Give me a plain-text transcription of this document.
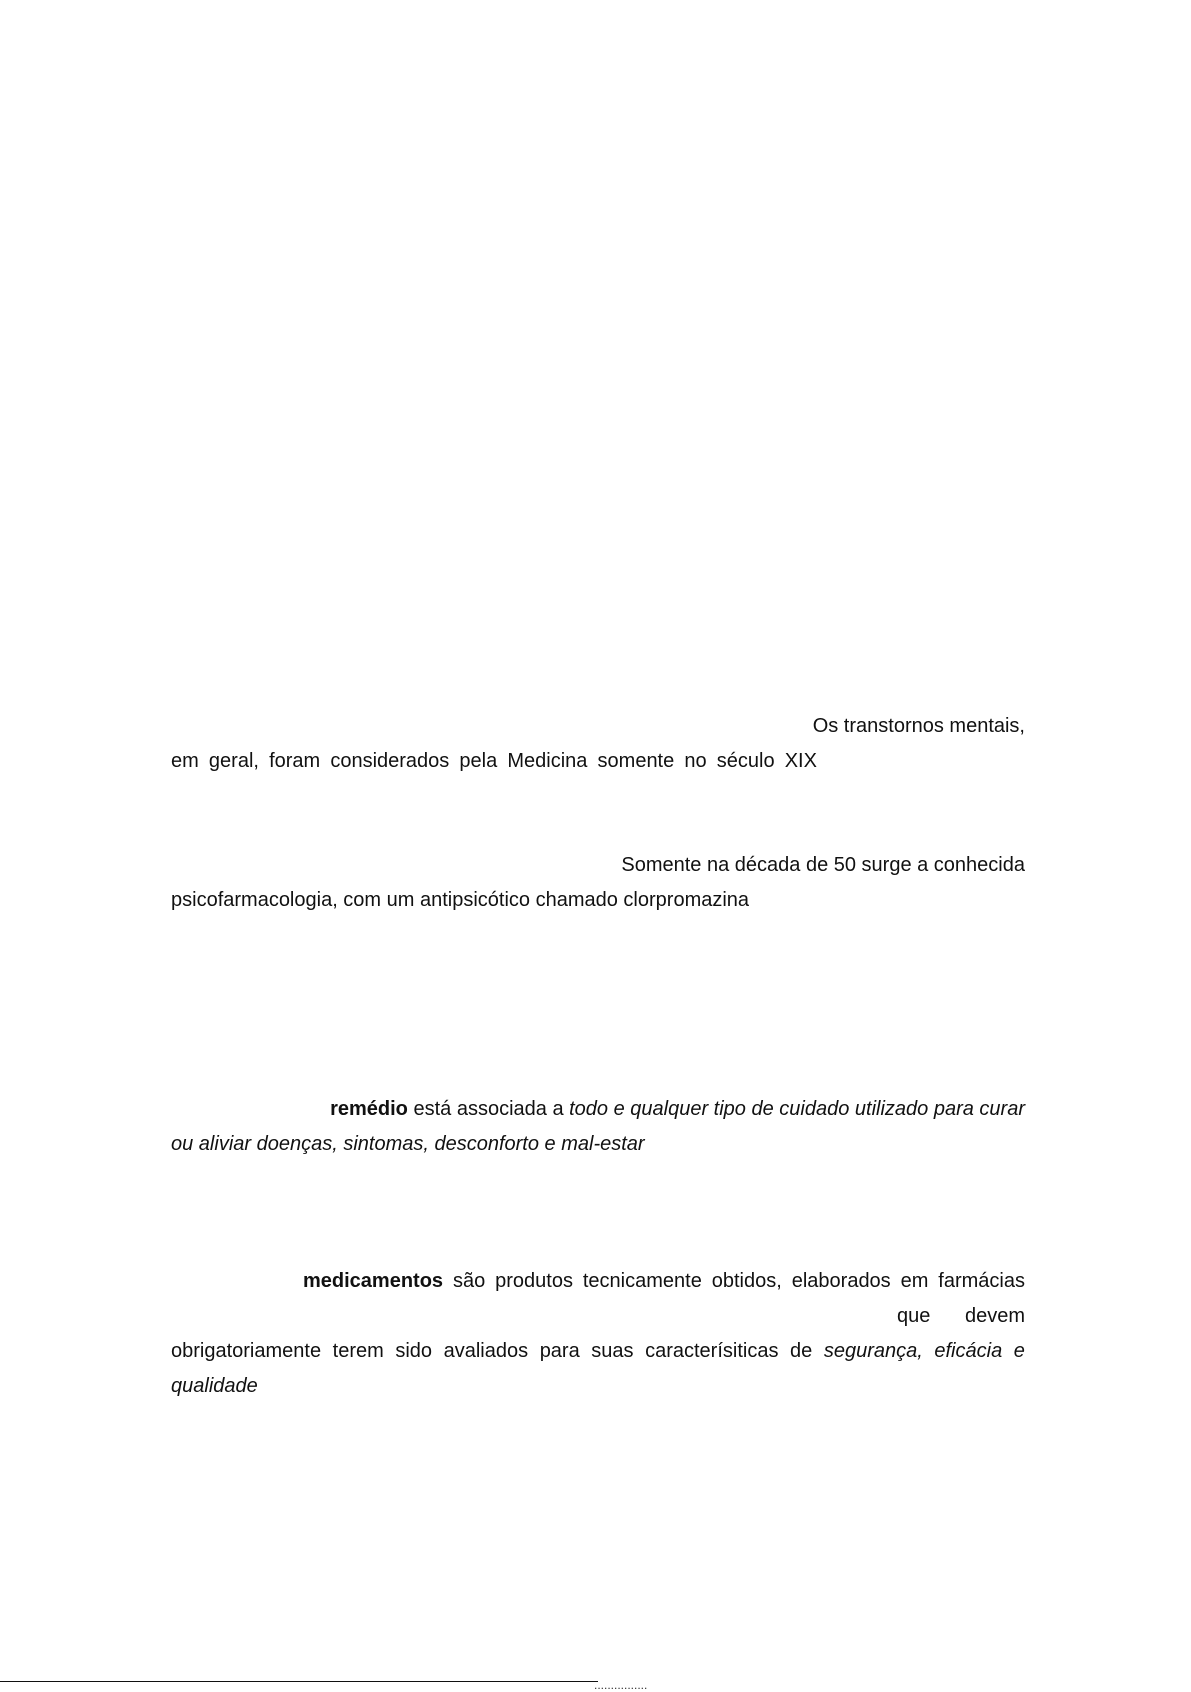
Os transtornos mentais,
em geral, foram considerados pela Medicina somente no século XIX
Somente na década de 50 surge a conhecida
psicofarmacologia, com um antipsicótico chamado clorpromazina
remédio está associada a todo e qualquer tipo de cuidado utilizado para curar
ou aliviar doenças, sintomas, desconforto e mal-estar
medicamentos são produtos tecnicamente obtidos, elaborados em farmácias
que devem
obrigatoriamente terem sido avaliados para suas caracterísiticas de segurança, eficácia e
qualidade
................
